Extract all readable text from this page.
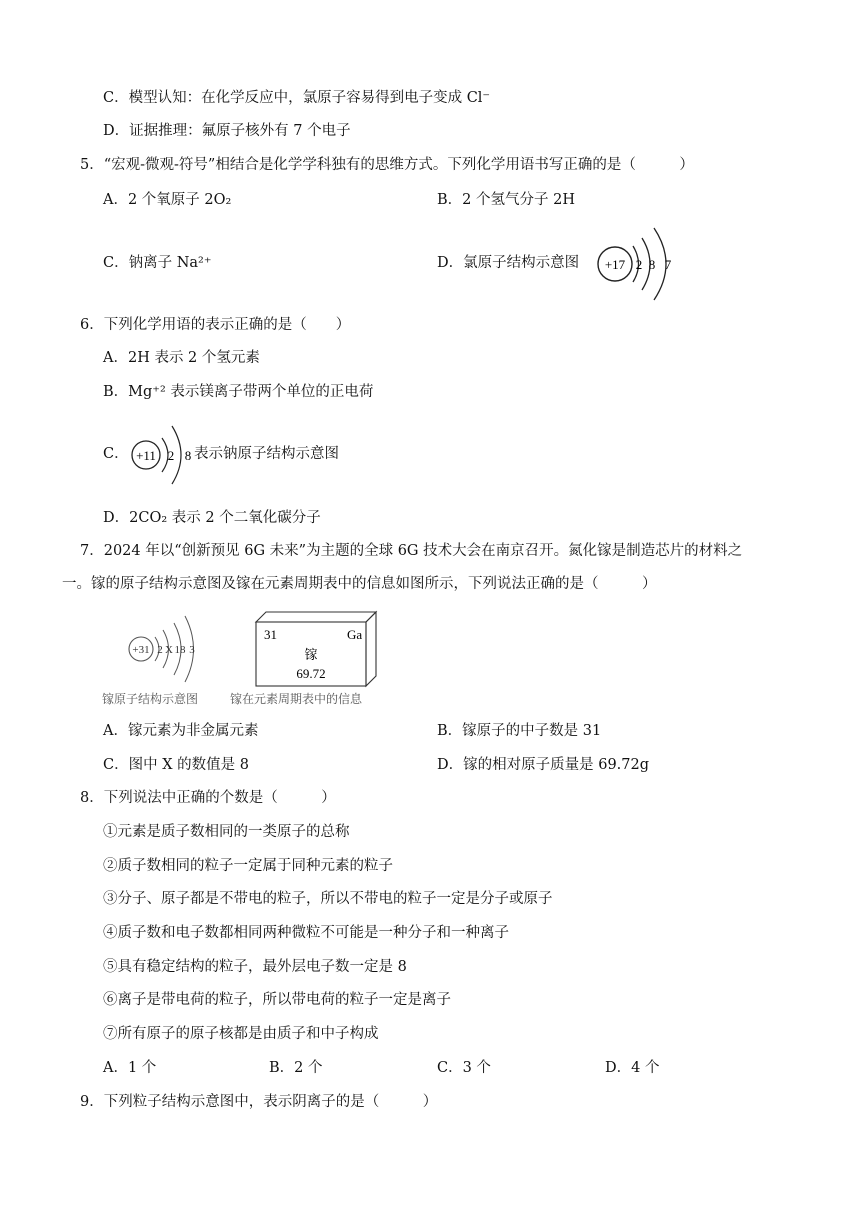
C．模型认知：在化学反应中，氯原子容易得到电子变成 Cl⁻
D．证据推理：氟原子核外有 7 个电子
5．“宏观-微观-符号”相结合是化学学科独有的思维方式。下列化学用语书写正确的是（　　　）
A．2 个氧原子 2O₂	B．2 个氢气分子 2H
C．钠离子 Na²⁺	D．氯原子结构示意图 +17 2 8 7
6．下列化学用语的表示正确的是（　　）
A．2H 表示 2 个氢元素
B．Mg⁺² 表示镁离子带两个单位的正电荷
C． +11 2 8 表示钠原子结构示意图
D．2CO₂ 表示 2 个二氧化碳分子
7．2024 年以“创新预见 6G 未来”为主题的全球 6G 技术大会在南京召开。氮化镓是制造芯片的材料之
一。镓的原子结构示意图及镓在元素周期表中的信息如图所示，下列说法正确的是（　　　）
+31 2 X 18 3
镓原子结构示意图
31	Ga
镓
69.72
镓在元素周期表中的信息
A．镓元素为非金属元素	B．镓原子的中子数是 31
C．图中 X 的数值是 8	D．镓的相对原子质量是 69.72g
8．下列说法中正确的个数是（　　　）
①元素是质子数相同的一类原子的总称
②质子数相同的粒子一定属于同种元素的粒子
③分子、原子都是不带电的粒子，所以不带电的粒子一定是分子或原子
④质子数和电子数都相同两种微粒不可能是一种分子和一种离子
⑤具有稳定结构的粒子，最外层电子数一定是 8
⑥离子是带电荷的粒子，所以带电荷的粒子一定是离子
⑦所有原子的原子核都是由质子和中子构成
A．1 个	B．2 个	C．3 个	D．4 个
9．下列粒子结构示意图中，表示阴离子的是（　　　）
